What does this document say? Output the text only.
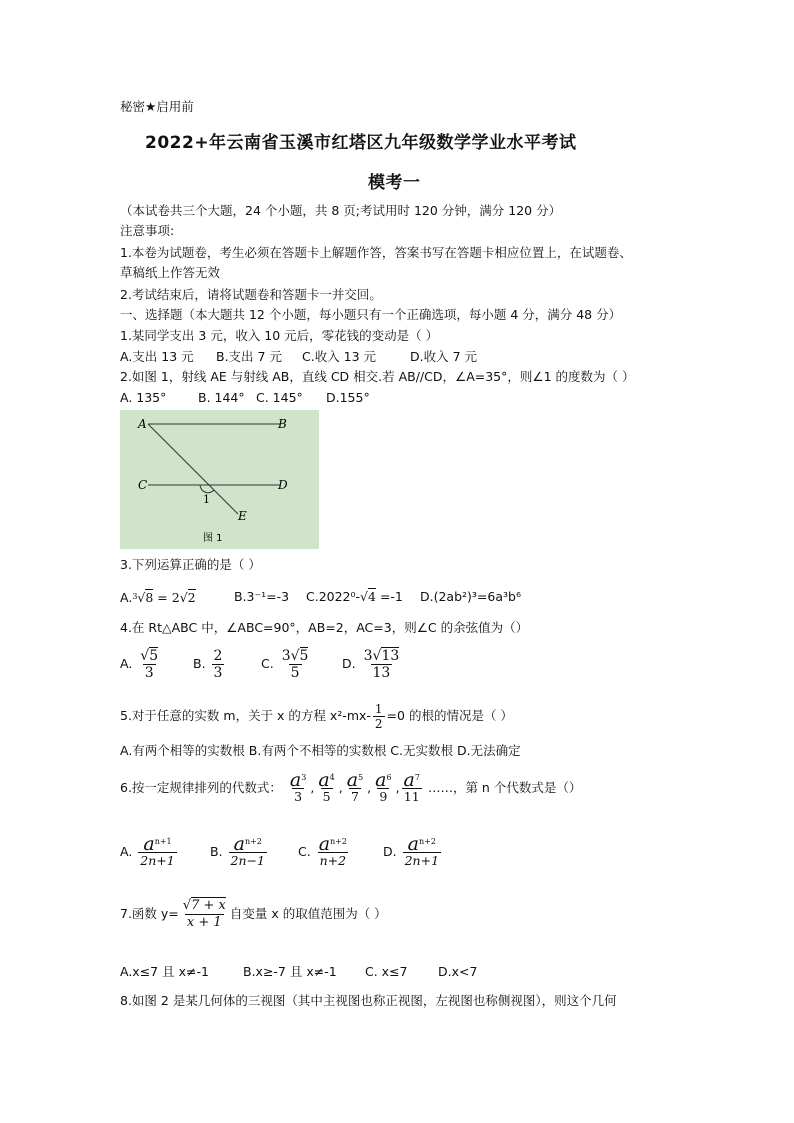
秘密★启用前
2022+年云南省玉溪市红塔区九年级数学学业水平考试
模考一
（本试卷共三个大题，24 个小题，共 8 页;考试用时 120 分钟，满分 120 分）
注意事项:
1.本卷为试题卷，考生必须在答题卡上解题作答，答案书写在答题卡相应位置上，在试题卷、
草稿纸上作答无效
2.考试结束后，请将试题卷和答题卡一并交回。
一、选择题（本大题共 12 个小题，每小题只有一个正确选项，每小题 4 分，满分 48 分）
1.某同学支出 3 元，收入 10 元后，零花钱的变动是（ ）
A.支出 13 元 B.支出 7 元 C.收入 13 元	D.收入 7 元
2.如图 1，射线 AE 与射线 AB，直线 CD 相交.若 AB//CD，∠A=35°，则∠1 的度数为（ ）
A. 135°	B. 144° C. 145° D.155°
A	B
C	D
E
1
图 1
3.下列运算正确的是（ ）
A.$^3$√8 = 2√2	B.3⁻¹=-3 C.2022⁰-√4 =-1 D.(2ab²)³=6a³b⁶
4.在 Rt△ABC 中，∠ABC=90°，AB=2，AC=3，则∠C 的余弦值为（）
A. $\frac{√5}{3}$	B. $\frac{2}{3}$	C. $\frac{3√5}{5}$	D. $\frac{3√13}{13}$
5.对于任意的实数 m，关于 x 的方程 $x^2-mx- \frac{1}{2} =0$ 的根的情况是（ ）
A.有两个相等的实数根 B.有两个不相等的实数根 C.无实数根 D.无法确定
6.按一定规律排列的代数式： $\frac{a^3}{3}$ , $\frac{a^4}{5}$ , $\frac{a^5}{7}$ , $\frac{a^6}{9}$ , $\frac{a^7}{11}$ ……，第 n 个代数式是（）
A. $\frac{a^{n+1}}{2n+1}$	B. $\frac{a^{n+2}}{2n-1} C$. $\frac{a^{n+2}}{n+2}$	D. $\frac{a^{n+2}}{2n+1}$
7.函数 $y= \frac{√7 + x}{x + 1}$ 自变量 x 的取值范围为（ ）
A.x≤7 且 x≠-1	B.x≥-7 且 x≠-1 C. x≤7 D.x<7
8.如图 2 是某几何体的三视图（其中主视图也称正视图，左视图也称侧视图），则这个几何
